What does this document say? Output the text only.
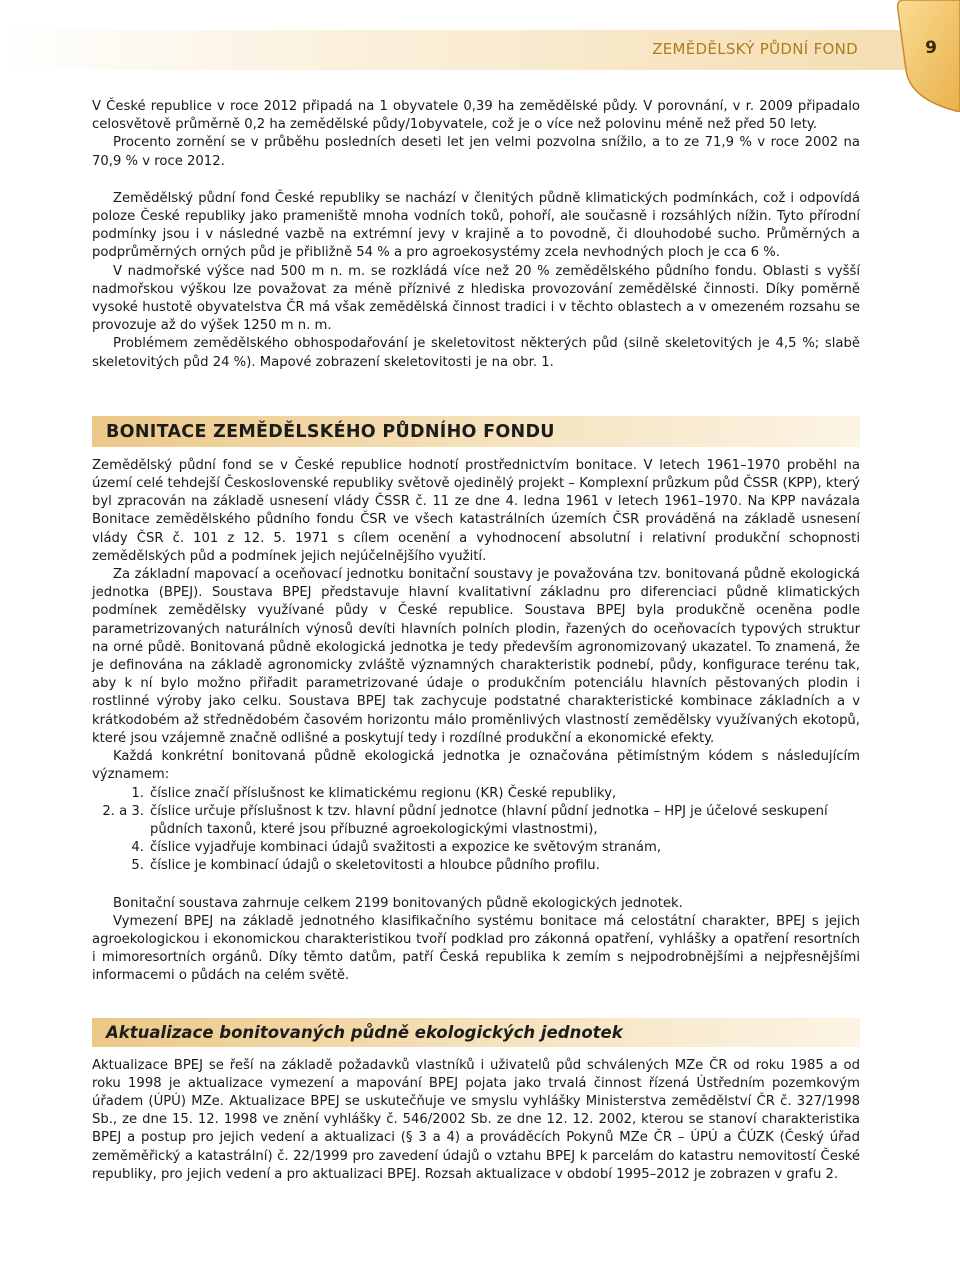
ZEMĚDĚLSKÝ PŮDNÍ FOND	9

V České republice v roce 2012 připadá na 1 obyvatele 0,39 ha zemědělské půdy. V porovnání, v r. 2009 připadalo celosvětově průměrně 0,2 ha zemědělské půdy/1obyvatele, což je o více než polovinu méně než před 50 lety.

Procento zornění se v průběhu posledních deseti let jen velmi pozvolna snížilo, a to ze 71,9 % v roce 2002 na 70,9 % v roce 2012.

Zemědělský půdní fond České republiky se nachází v členitých půdně klimatických podmínkách, což i odpovídá poloze České republiky jako prameniště mnoha vodních toků, pohoří, ale současně i rozsáhlých nížin. Tyto přírodní podmínky jsou i v následné vazbě na extrémní jevy v krajině a to povodně, či dlouhodobé sucho. Průměrných a podprůměrných orných půd je přibližně 54 % a pro agroekosystémy zcela nevhodných ploch je cca 6 %.

V nadmořské výšce nad 500 m n. m. se rozkládá více než 20 % zemědělského půdního fondu. Oblasti s vyšší nadmořskou výškou lze považovat za méně příznivé z hlediska provozování zemědělské činnosti. Díky poměrně vysoké hustotě obyvatelstva ČR má však zemědělská činnost tradici i v těchto oblastech a v omezeném rozsahu se provozuje až do výšek 1250 m n. m.

Problémem zemědělského obhospodařování je skeletovitost některých půd (silně skeletovitých je 4,5 %; slabě skeletovitých půd 24 %). Mapové zobrazení skeletovitosti je na obr. 1.

BONITACE ZEMĚDĚLSKÉHO PŮDNÍHO FONDU

Zemědělský půdní fond se v České republice hodnotí prostřednictvím bonitace. V letech 1961–1970 proběhl na území celé tehdejší Československé republiky světově ojedinělý projekt – Komplexní průzkum půd ČSSR (KPP), který byl zpracován na základě usnesení vlády ČSSR č. 11 ze dne 4. ledna 1961 v letech 1961–1970. Na KPP navázala Bonitace zemědělského půdního fondu ČSR ve všech katastrálních územích ČSR prováděná na základě usnesení vlády ČSR č. 101 z 12. 5. 1971 s cílem ocenění a vyhodnocení absolutní i relativní produkční schopnosti zemědělských půd a podmínek jejich nejúčelnějšího využití.

Za základní mapovací a oceňovací jednotku bonitační soustavy je považována tzv. bonitovaná půdně ekologická jednotka (BPEJ). Soustava BPEJ představuje hlavní kvalitativní základnu pro diferenciaci půdně klimatických podmínek zemědělsky využívané půdy v České republice. Soustava BPEJ byla produkčně oceněna podle parametrizovaných naturálních výnosů devíti hlavních polních plodin, řazených do oceňovacích typových struktur na orné půdě. Bonitovaná půdně ekologická jednotka je tedy především agronomizovaný ukazatel. To znamená, že je definována na základě agronomicky zvláště významných charakteristik podnebí, půdy, konfigurace terénu tak, aby k ní bylo možno přiřadit parametrizované údaje o produkčním potenciálu hlavních pěstovaných plodin i rostlinné výroby jako celku. Soustava BPEJ tak zachycuje podstatné charakteristické kombinace základních a v krátkodobém až střednědobém časovém horizontu málo proměnlivých vlastností zemědělsky využívaných ekotopů, které jsou vzájemně značně odlišné a poskytují tedy i rozdílné produkční a ekonomické efekty.

Každá konkrétní bonitovaná půdně ekologická jednotka je označována pětimístným kódem s následujícím významem:

1. číslice značí příslušnost ke klimatickému regionu (KR) České republiky,
2. a 3. číslice určuje příslušnost k tzv. hlavní půdní jednotce (hlavní půdní jednotka – HPJ je účelové seskupení půdních taxonů, které jsou příbuzné agroekologickými vlastnostmi),
4. číslice vyjadřuje kombinaci údajů svažitosti a expozice ke světovým stranám,
5. číslice je kombinací údajů o skeletovitosti a hloubce půdního profilu.

Bonitační soustava zahrnuje celkem 2199 bonitovaných půdně ekologických jednotek.

Vymezení BPEJ na základě jednotného klasifikačního systému bonitace má celostátní charakter, BPEJ s jejich agroekologickou i ekonomickou charakteristikou tvoří podklad pro zákonná opatření, vyhlášky a opatření resortních i mimoresortních orgánů. Díky těmto datům, patří Česká republika k zemím s nejpodrobnějšími a nejpřesnějšími informacemi o půdách na celém světě.

Aktualizace bonitovaných půdně ekologických jednotek

Aktualizace BPEJ se řeší na základě požadavků vlastníků i uživatelů půd schválených MZe ČR od roku 1985 a od roku 1998 je aktualizace vymezení a mapování BPEJ pojata jako trvalá činnost řízená Ústředním pozemkovým úřadem (ÚPÚ) MZe. Aktualizace BPEJ se uskutečňuje ve smyslu vyhlášky Ministerstva zemědělství ČR č. 327/1998 Sb., ze dne 15. 12. 1998 ve znění vyhlášky č. 546/2002 Sb. ze dne 12. 12. 2002, kterou se stanoví charakteristika BPEJ a postup pro jejich vedení a aktualizaci (§ 3 a 4) a prováděcích Pokynů MZe ČR – ÚPÚ a ČÚZK (Český úřad zeměměřický a katastrální) č. 22/1999 pro zavedení údajů o vztahu BPEJ k parcelám do katastru nemovitostí České republiky, pro jejich vedení a pro aktualizaci BPEJ. Rozsah aktualizace v období 1995–2012 je zobrazen v grafu 2.
